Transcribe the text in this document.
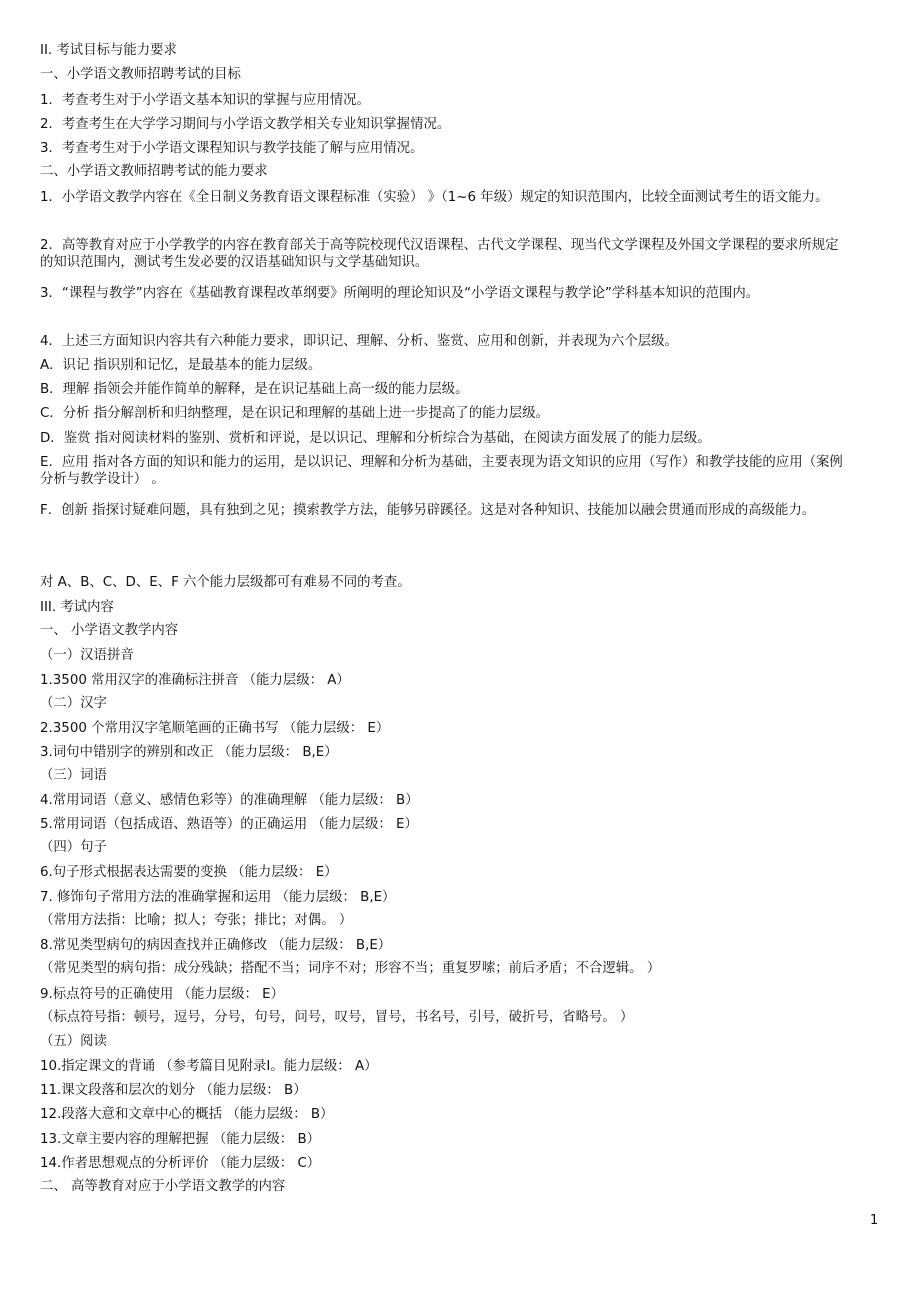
II. 考试目标与能力要求
一、小学语文教师招聘考试的目标
1．考查考生对于小学语文基本知识的掌握与应用情况。
2．考查考生在大学学习期间与小学语文教学相关专业知识掌握情况。
3．考查考生对于小学语文课程知识与教学技能了解与应用情况。
二、小学语文教师招聘考试的能力要求
1．小学语文教学内容在《全日制义务教育语文课程标准（实验） 》（1~6 年级）规定的知识范围内，比较全面测试考生的语文能力。
2．高等教育对应于小学教学的内容在教育部关于高等院校现代汉语课程、古代文学课程、现当代文学课程及外国文学课程的要求所规定的知识范围内，测试考生发必要的汉语基础知识与文学基础知识。
3．“课程与教学”内容在《基础教育课程改革纲要》所阐明的理论知识及“小学语文课程与教学论”学科基本知识的范围内。
4．上述三方面知识内容共有六种能力要求，即识记、理解、分析、鉴赏、应用和创新，并表现为六个层级。
A．识记 指识别和记忆，是最基本的能力层级。
B．理解 指领会并能作简单的解释，是在识记基础上高一级的能力层级。
C．分析 指分解剖析和归纳整理，是在识记和理解的基础上进一步提高了的能力层级。
D．鉴赏 指对阅读材料的鉴别、赏析和评说，是以识记、理解和分析综合为基础，在阅读方面发展了的能力层级。
E．应用 指对各方面的知识和能力的运用，是以识记、理解和分析为基础，主要表现为语文知识的应用（写作）和教学技能的应用（案例分析与教学设计） 。
F．创新 指探讨疑难问题，具有独到之见；摸索教学方法，能够另辟蹊径。这是对各种知识、技能加以融会贯通而形成的高级能力。
对 A、B、C、D、E、F 六个能力层级都可有难易不同的考查。
III. 考试内容
一、 小学语文教学内容
（一）汉语拼音
1.3500 常用汉字的准确标注拼音 （能力层级： A）
（二）汉字
2.3500 个常用汉字笔顺笔画的正确书写 （能力层级： E）
3.词句中错别字的辨别和改正 （能力层级： B,E）
（三）词语
4.常用词语（意义、感情色彩等）的准确理解 （能力层级： B）
5.常用词语（包括成语、熟语等）的正确运用 （能力层级： E）
（四）句子
6.句子形式根据表达需要的变换 （能力层级： E）
7. 修饰句子常用方法的准确掌握和运用 （能力层级： B,E）
（常用方法指：比喻；拟人；夸张；排比；对偶。 ）
8.常见类型病句的病因查找并正确修改 （能力层级： B,E）
（常见类型的病句指：成分残缺；搭配不当；词序不对；形容不当；重复罗嗦；前后矛盾；不合逻辑。 ）
9.标点符号的正确使用 （能力层级： E）
（标点符号指：顿号，逗号，分号，句号，问号，叹号，冒号，书名号，引号，破折号，省略号。 ）
（五）阅读
10.指定课文的背诵 （参考篇目见附录Ⅰ。能力层级： A）
11.课文段落和层次的划分 （能力层级： B）
12.段落大意和文章中心的概括 （能力层级： B）
13.文章主要内容的理解把握 （能力层级： B）
14.作者思想观点的分析评价 （能力层级： C）
二、 高等教育对应于小学语文教学的内容
1
